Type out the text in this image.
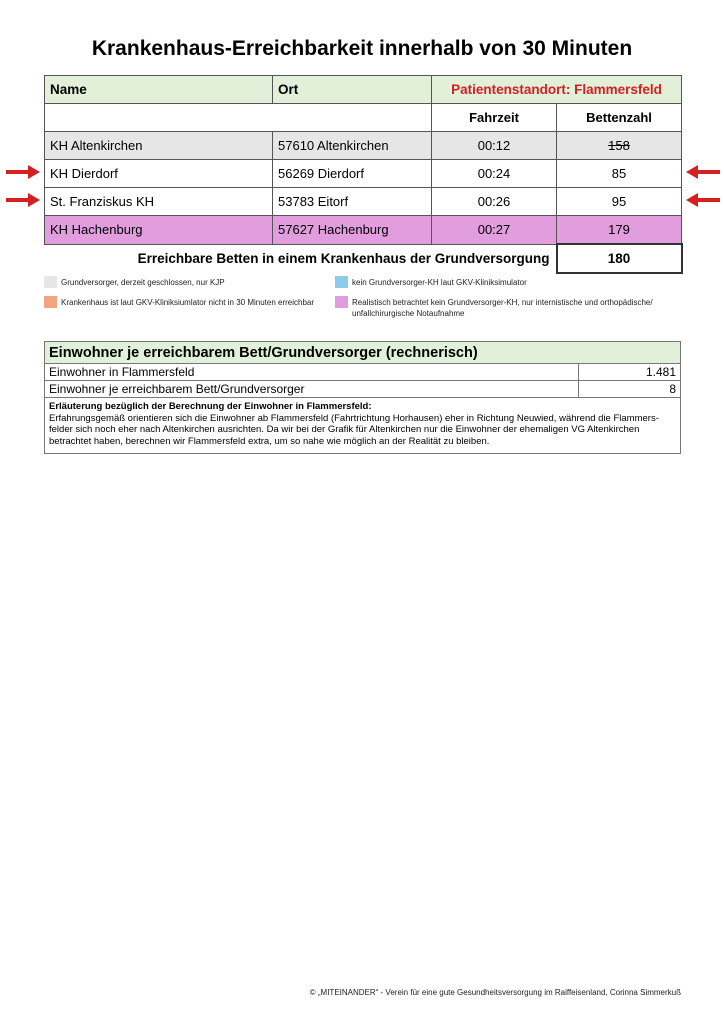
Krankenhaus-Erreichbarkeit innerhalb von 30 Minuten
Name	Ort	Patientenstandort: Flammersfeld	
		Fahrzeit	Bettenzahl
KH Altenkirchen	57610 Altenkirchen	00:12	158
KH Dierdorf	56269 Dierdorf	00:24	85
St. Franziskus KH	53783 Eitorf	00:26	95
KH Hachenburg	57627 Hachenburg	00:27	179
Erreichbare Betten in einem Krankenhaus der Grundversorgung			180
Grundversorger, derzeit geschlossen, nur KJP	kein Grundversorger-KH laut GKV-Kliniksimulator
Krankenhaus ist laut GKV-Kliniksiumlator nicht in 30 Minuten erreichbar	Realistisch betrachtet kein Grundversorger-KH, nur internistische und orthopädische/ unfallchirurgische Notaufnahme
Einwohner je erreichbarem Bett/Grundversorger (rechnerisch)	
Einwohner in Flammersfeld	1.481
Einwohner je erreichbarem Bett/Grundversorger	8

Erläuterung bezüglich der Berechnung der Einwohner in Flammersfeld:
Erfahrungsgemäß orientieren sich die Einwohner ab Flammersfeld (Fahrtrichtung Horhausen) eher in Richtung Neuwied, während die Flammersfelder sich noch eher nach Altenkirchen ausrichten. Da wir bei der Grafik für Altenkirchen nur die Einwohner der ehemaligen VG Altenkirchen betrachtet haben, berechnen wir Flammersfeld extra, um so nahe wie möglich an der Realität zu bleiben.	
© „MITEINANDER“ - Verein für eine gute Gesundheitsversorgung im Raiffeisenland, Corinna Simmerkuß
